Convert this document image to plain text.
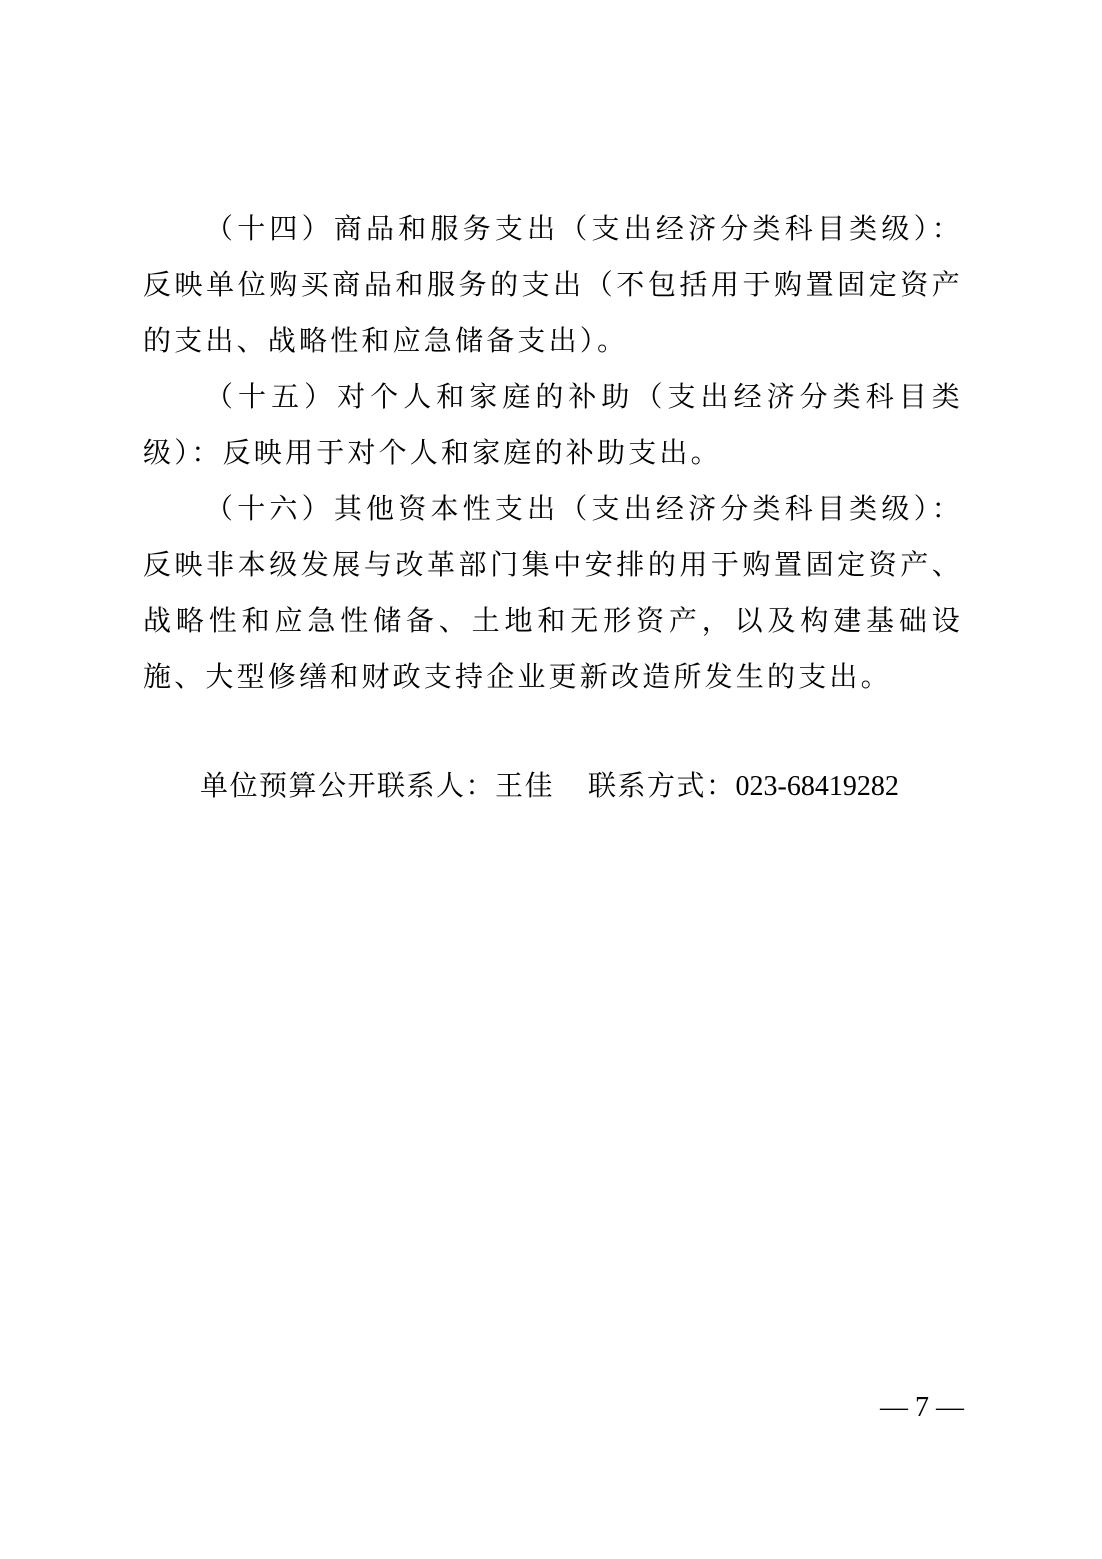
（十四）商品和服务支出（支出经济分类科目类级）：反映单位购买商品和服务的支出（不包括用于购置固定资产的支出、战略性和应急储备支出）。

（十五）对个人和家庭的补助（支出经济分类科目类级）：反映用于对个人和家庭的补助支出。

（十六）其他资本性支出（支出经济分类科目类级）：反映非本级发展与改革部门集中安排的用于购置固定资产、战略性和应急性储备、土地和无形资产，以及构建基础设施、大型修缮和财政支持企业更新改造所发生的支出。

单位预算公开联系人：王佳 联系方式：023-68419282
— 7 —
